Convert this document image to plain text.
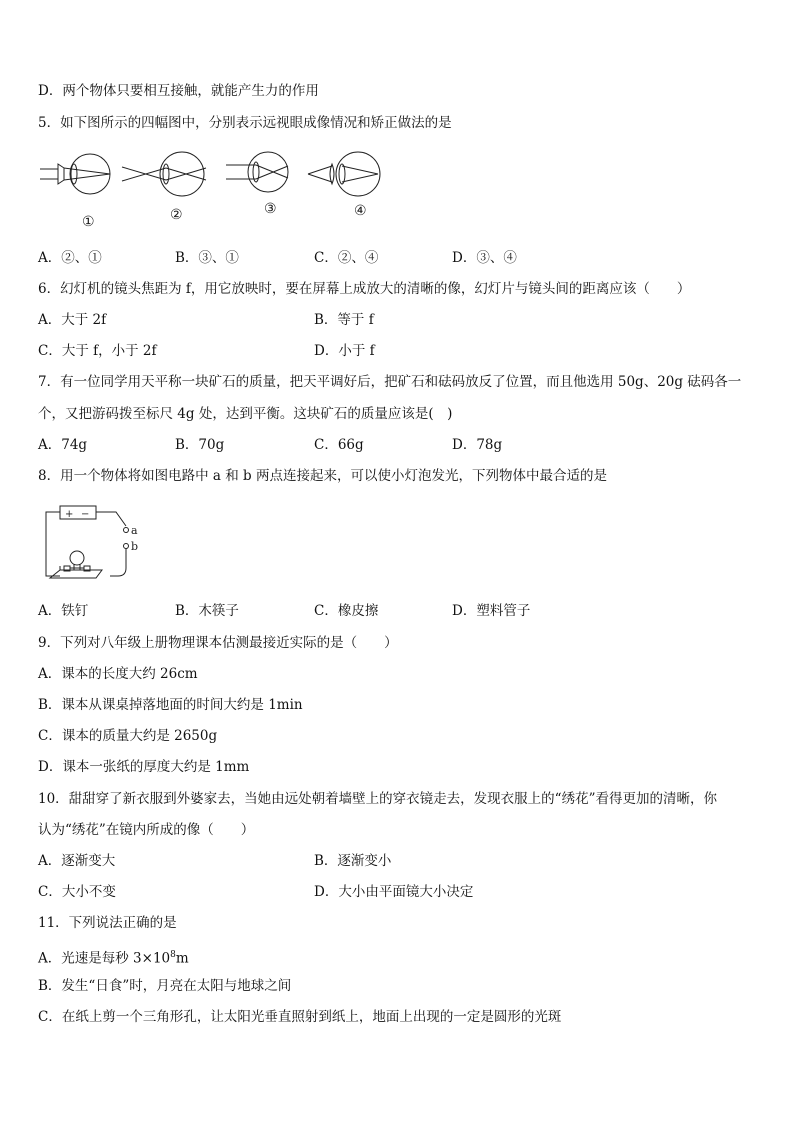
D．两个物体只要相互接触，就能产生力的作用
5．如下图所示的四幅图中，分别表示远视眼成像情况和矫正做法的是
①	②	③	④
A．②、①	B．③、①	C．②、④	D．③、④
6．幻灯机的镜头焦距为 f，用它放映时，要在屏幕上成放大的清晰的像，幻灯片与镜头间的距离应该（　　）
A．大于 2f	B．等于 f
C．大于 f，小于 2f	D．小于 f
7．有一位同学用天平称一块矿石的质量，把天平调好后，把矿石和砝码放反了位置，而且他选用 50g、20g 砝码各一
个，又把游码拨至标尺 4g 处，达到平衡。这块矿石的质量应该是(　)
A．74g	B．70g	C．66g	D．78g
8．用一个物体将如图电路中 a 和 b 两点连接起来，可以使小灯泡发光，下列物体中最合适的是
+ −
a
b
A．铁钉	B．木筷子	C．橡皮擦	D．塑料管子
9．下列对八年级上册物理课本估测最接近实际的是（　　）
A．课本的长度大约 26cm
B．课本从课桌掉落地面的时间大约是 1min
C．课本的质量大约是 2650g
D．课本一张纸的厚度大约是 1mm
10．甜甜穿了新衣服到外婆家去，当她由远处朝着墙壁上的穿衣镜走去，发现衣服上的“绣花”看得更加的清晰，你
认为“绣花”在镜内所成的像（　　）
A．逐渐变大	B．逐渐变小
C．大小不变	D．大小由平面镜大小决定
11．下列说法正确的是
A．光速是每秒 $3\times 10^8m$
B．发生“日食”时，月亮在太阳与地球之间
C．在纸上剪一个三角形孔，让太阳光垂直照射到纸上，地面上出现的一定是圆形的光斑
